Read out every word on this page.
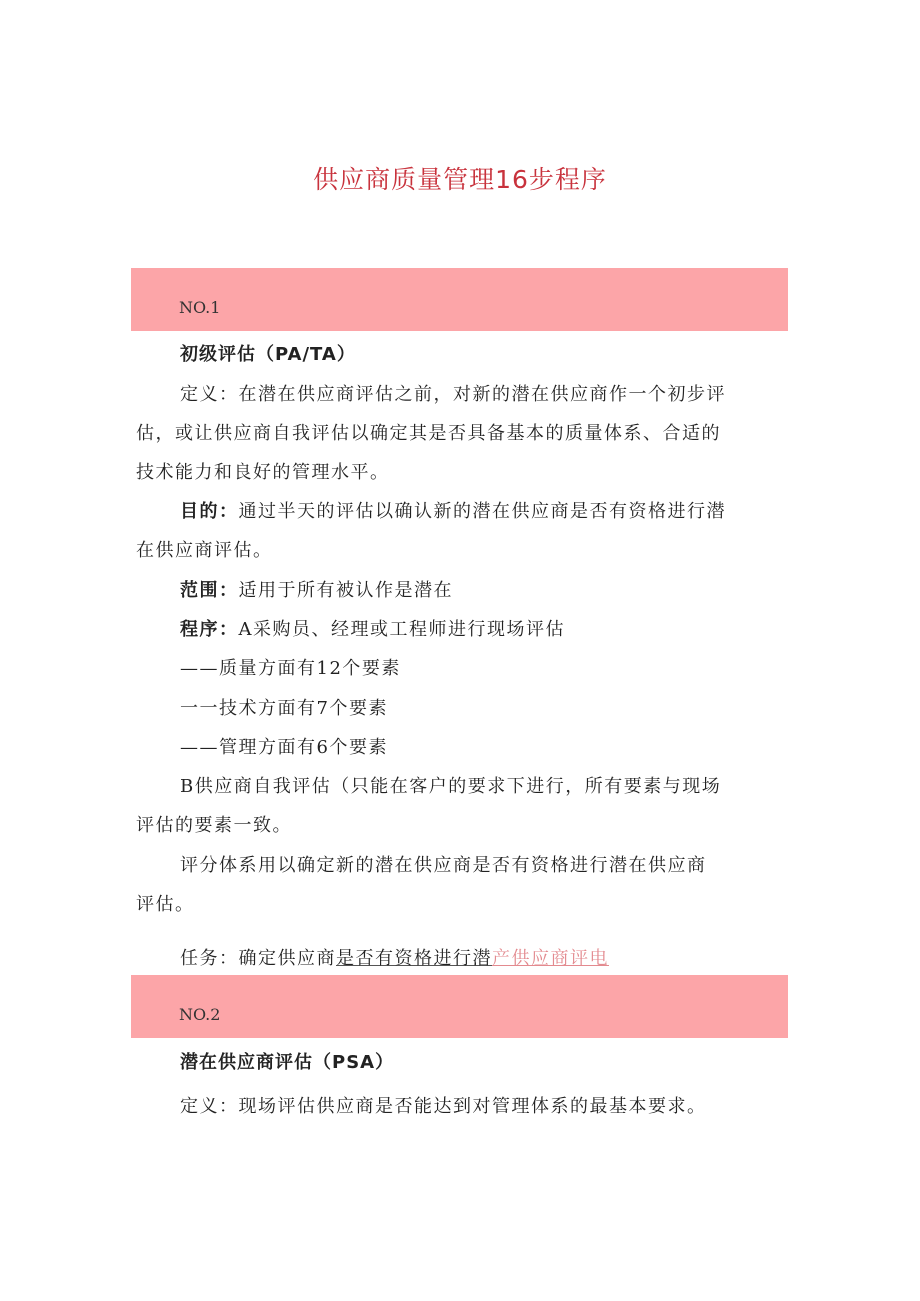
供应商质量管理16步程序
NO.1
初级评估（PA/TA）
定义：在潜在供应商评估之前，对新的潜在供应商作一个初步评
估，或让供应商自我评估以确定其是否具备基本的质量体系、合适的
技术能力和良好的管理水平。
目的：通过半天的评估以确认新的潜在供应商是否有资格进行潜
在供应商评估。
范围：适用于所有被认作是潜在
程序：A采购员、经理或工程师进行现场评估
——质量方面有12个要素
一一技术方面有7个要素
——管理方面有6个要素
B供应商自我评估（只能在客户的要求下进行，所有要素与现场
评估的要素一致。
评分体系用以确定新的潜在供应商是否有资格进行潜在供应商
评估。
任务：确定供应商是否有资格进行潜产供应商评电
NO.2
潜在供应商评估（PSA）
定义：现场评估供应商是否能达到对管理体系的最基本要求。
